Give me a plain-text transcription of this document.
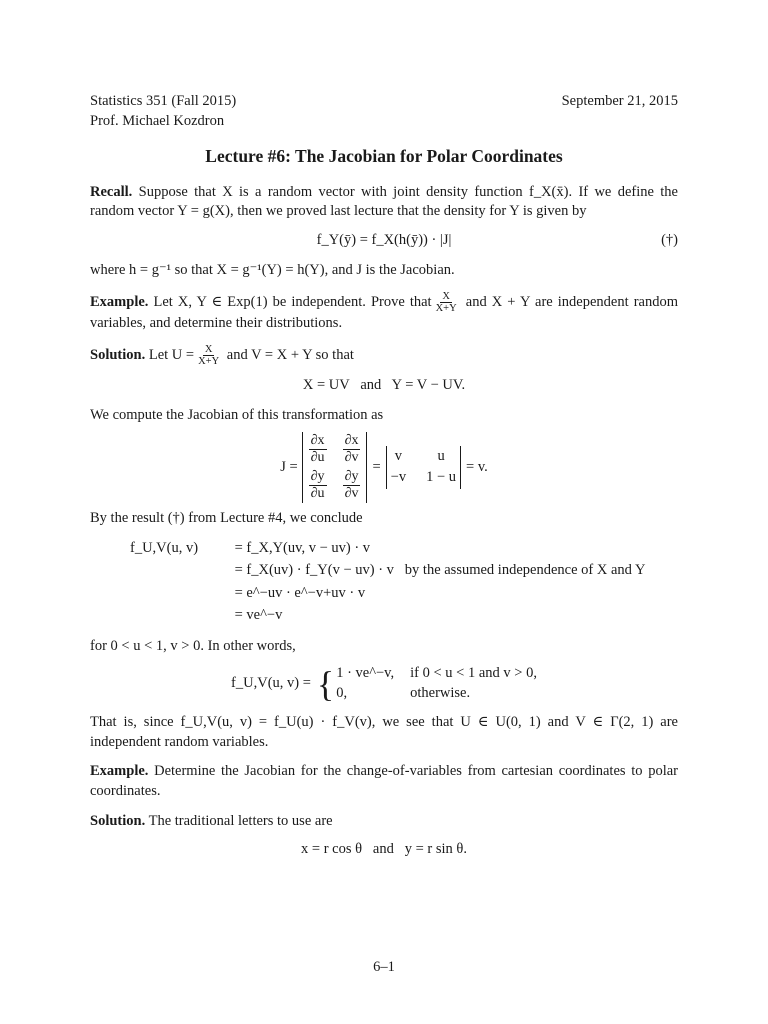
Statistics 351 (Fall 2015)	September 21, 2015
Prof. Michael Kozdron
Lecture #6: The Jacobian for Polar Coordinates

Recall. Suppose that X is a random vector with joint density function f_X(x̄). If we define the random vector Y = g(X), then we proved last lecture that the density for Y is given by

f_Y(ȳ) = f_X(h(ȳ)) · |J|	(†)

where h = g⁻¹ so that X = g⁻¹(Y) = h(Y), and J is the Jacobian.

Example. Let X, Y ∈ Exp(1) be independent. Prove that $\frac{X}{X+Y}$ and X + Y are independent random variables, and determine their distributions.

Solution. Let $U = \frac{X}{X+Y}$ and V = X + Y so that

X = UV   and   Y = V − UV.

We compute the Jacobian of this transformation as

J =
$\frac{\partial x}{\partial u} \frac{\partial x}{\partial v}$
$\frac{\partial y}{\partial u} \frac{\partial y}{\partial v}$
=
v	u
−v 1 − u
= v.

By the result (†) from Lecture #4, we conclude

f_U,V(u, v)	= f_X,Y(uv, v − uv) · v
= f_X(uv) · f_Y(v − uv) · v   by the assumed independence of X and Y
= e^−uv · e^−v+uv · v
= ve^−v

for 0 < u < 1, v > 0. In other words,

f_U,V(u, v) = { 1 · ve^−v, if 0 < u < 1 and v > 0,
0,	otherwise.

That is, since f_U,V(u, v) = f_U(u) · f_V(v), we see that U ∈ U(0, 1) and V ∈ Γ(2, 1) are independent random variables.

Example. Determine the Jacobian for the change-of-variables from cartesian coordinates to polar coordinates.

Solution. The traditional letters to use are

x = r cos θ   and   y = r sin θ.
6–1
